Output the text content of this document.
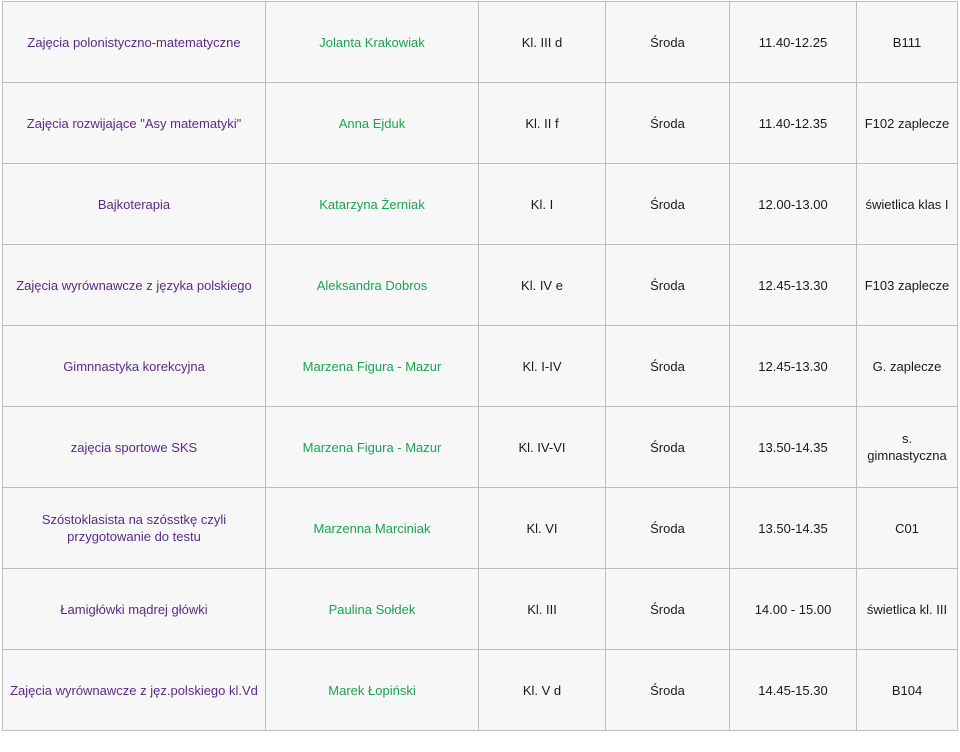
Zajęcia polonistyczno-matematyczne	Jolanta Krakowiak	Kl. III d	Środa	11.40-12.25	B111
Zajęcia rozwijające "Asy matematyki"	Anna Ejduk	Kl. II f	Środa	11.40-12.35	F102 zaplecze
Bajkoterapia	Katarzyna Żerniak	Kl. I	Środa	12.00-13.00	świetlica klas I
Zajęcia wyrównawcze z języka polskiego	Aleksandra Dobros	Kl. IV e	Środa	12.45-13.30	F103 zaplecze
Gimnnastyka korekcyjna	Marzena Figura - Mazur	Kl. I-IV	Środa	12.45-13.30	G. zaplecze
zajęcia sportowe SKS	Marzena Figura - Mazur	Kl. IV-VI	Środa	13.50-14.35	s. gimnastyczna
Szóstoklasista na szósstkę czyli przygotowanie do testu	Marzenna Marciniak	Kl. VI	Środa	13.50-14.35	C01
Łamigłówki mądrej główki	Paulina Sołdek	Kl. III	Środa	14.00 - 15.00	świetlica kl. III
Zajęcia wyrównawcze z jęz.polskiego kl.Vd	Marek Łopiński	Kl. V d	Środa	14.45-15.30	B104
